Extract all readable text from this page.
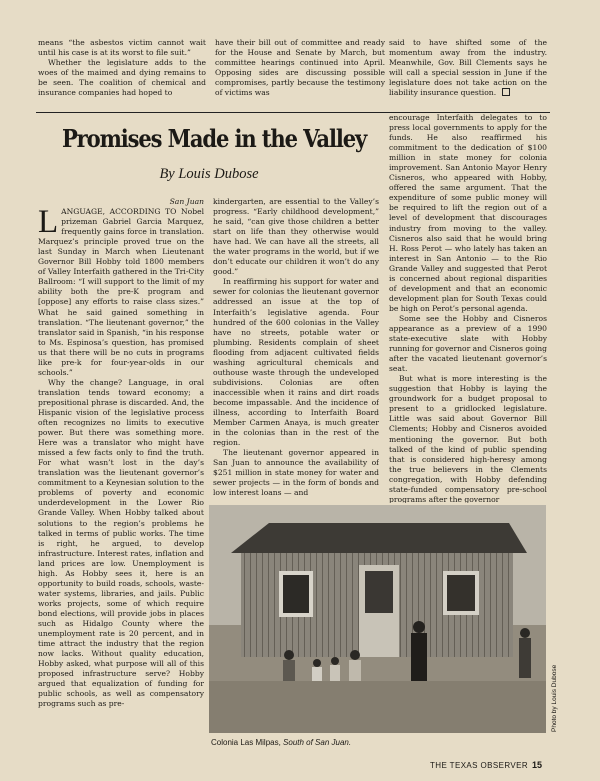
means “the asbestos victim cannot wait until his case is at its worst to file suit.”

Whether the legislature adds to the woes of the maimed and dying remains to be seen. The coalition of chemical and insurance companies had hoped to

have their bill out of committee and ready for the House and Senate by March, but committee hearings continued into April. Opposing sides are discussing possible compromises, partly because the testimony of victims was

said to have shifted some of the momentum away from the industry. Meanwhile, Gov. Bill Clements says he will call a special session in June if the legislature does not take action on the liability insurance question.

Promises Made in the Valley
By Louis Dubose

San Juan

LANGUAGE, ACCORDING TO Nobel prizeman Gabriel Garcia Marquez, frequently gains force in translation. Marquez’s principle proved true on the last Sunday in March when Lieutenant Governor Bill Hobby told 1800 members of Valley Interfaith gathered in the Tri-City Ballroom: “I will support to the limit of my ability both the pre-K program and [oppose] any efforts to raise class sizes.” What he said gained something in translation. “The lieutenant governor,” the translator said in Spanish, “in his response to Ms. Espinosa’s question, has promised us that there will be no cuts in programs like pre-k for four-year-olds in our schools.”

Why the change? Language, in oral translation tends toward economy; a prepositional phrase is discarded. And, the Hispanic vision of the legislative process often recognizes no limits to executive power. But there was something more. Here was a translator who might have missed a few facts only to find the truth. For what wasn’t lost in the day’s translation was the lieutenant governor’s commitment to a Keynesian solution to the problems of poverty and economic underdevelopment in the Lower Rio Grande Valley. When Hobby talked about solutions to the region’s problems he talked in terms of public works. The time is right, he argued, to develop infrastructure. Interest rates, inflation and land prices are low. Unemployment is high. As Hobby sees it, here is an opportunity to build roads, schools, waste-water systems, libraries, and jails. Public works projects, some of which require bond elections, will provide jobs in places such as Hidalgo County where the unemployment rate is 20 percent, and in time attract the industry that the region now lacks. Without quality education, Hobby asked, what purpose will all of this proposed infrastructure serve? Hobby argued that equalization of funding for public schools, as well as compensatory programs such as pre-

kindergarten, are essential to the Valley’s progress. “Early childhood development,” he said, “can give those children a better start on life than they otherwise would have had. We can have all the streets, all the water programs in the world, but if we don’t educate our children it won’t do any good.”

In reaffirming his support for water and sewer for colonias the lieutenant governor addressed an issue at the top of Interfaith’s legislative agenda. Four hundred of the 600 colonias in the Valley have no streets, potable water or plumbing. Residents complain of sheet flooding from adjacent cultivated fields washing agricultural chemicals and outhouse waste through the undeveloped subdivisions. Colonias are often inaccessible when it rains and dirt roads become impassable. And the incidence of illness, according to Interfaith Board Member Carmen Anaya, is much greater in the colonias than in the rest of the region.

The lieutenant governor appeared in San Juan to announce the availability of $251 million in state money for water and sewer projects — in the form of bonds and low interest loans — and

encourage Interfaith delegates to to press local governments to apply for the funds. He also reaffirmed his commitment to the dedication of $100 million in state money for colonia improvement. San Antonio Mayor Henry Cisneros, who appeared with Hobby, offered the same argument. That the expenditure of some public money will be required to lift the region out of a level of development that discourages industry from moving to the valley. Cisneros also said that he would bring H. Ross Perot — who lately has taken an interest in San Antonio — to the Rio Grande Valley and suggested that Perot is concerned about regional disparities of development and that an economic development plan for South Texas could be high on Perot’s personal agenda.

Some see the Hobby and Cisneros appearance as a preview of a 1990 state-executive slate with Hobby running for governor and Cisneros going after the vacated lieutenant governor’s seat.

But what is more interesting is the suggestion that Hobby is laying the groundwork for a budget proposal to present to a gridlocked legislature. Little was said about Governor Bill Clements; Hobby and Cisneros avoided mentioning the governor. But both talked of the kind of public spending that is considered high-heresy among the true believers in the Clements congregation, with Hobby defending state-funded compensatory pre-school programs after the governor

Colonia Las Milpas, South of San Juan.
Photo by Louis Dubose
THE TEXAS OBSERVER 15
